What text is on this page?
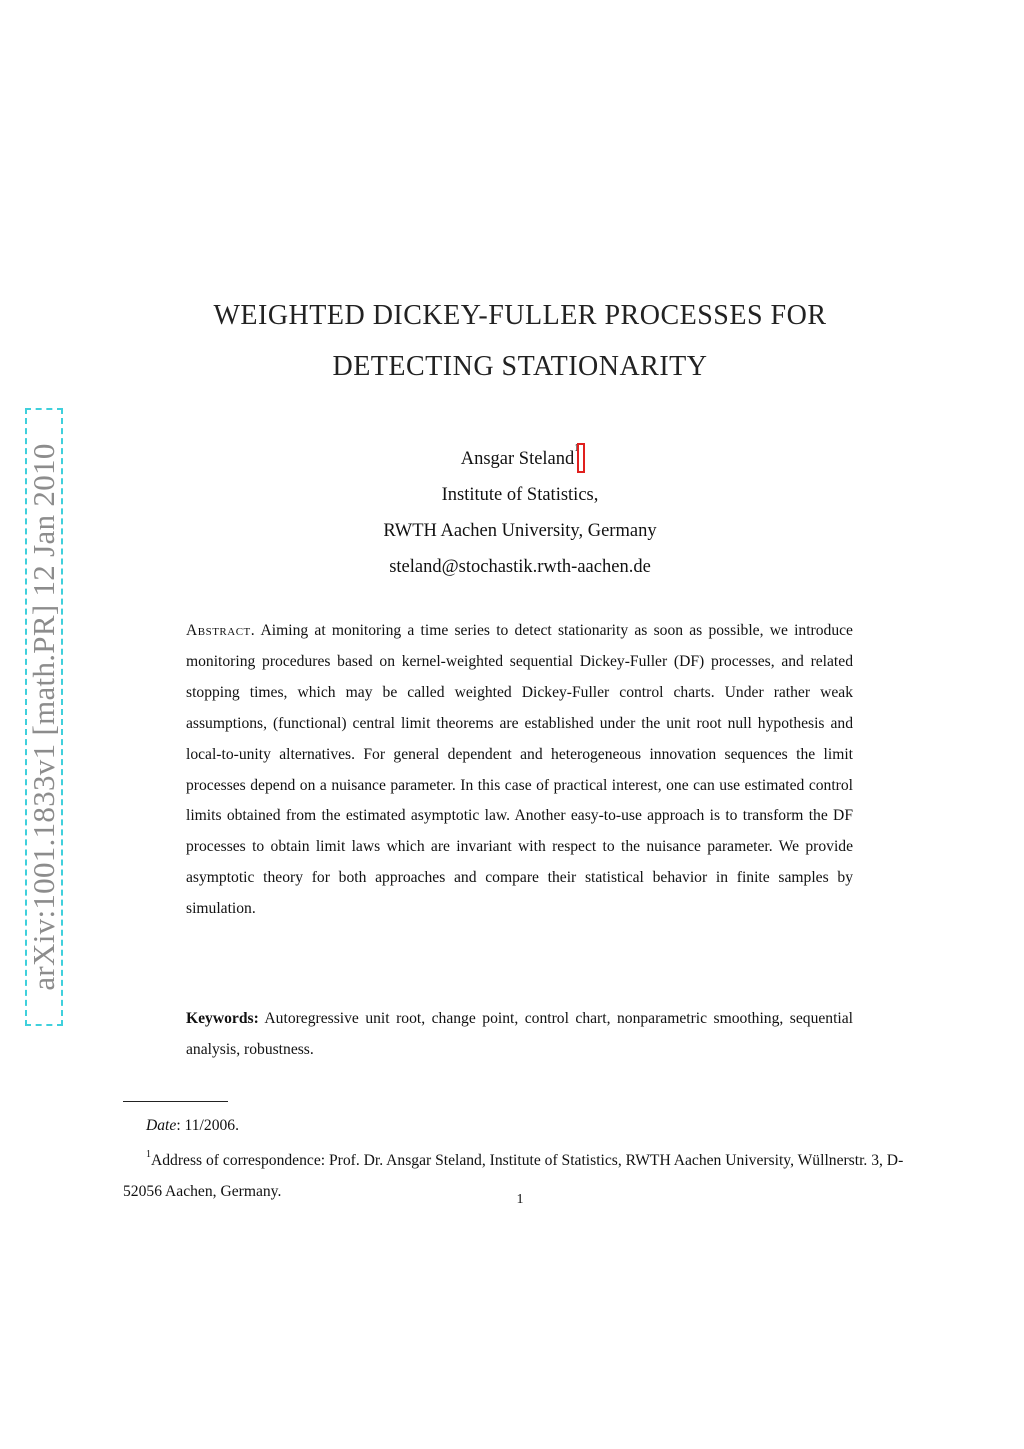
arXiv:1001.1833v1 [math.PR] 12 Jan 2010
WEIGHTED DICKEY-FULLER PROCESSES FOR
DETECTING STATIONARITY
Ansgar Steland$^1$
Institute of Statistics,
RWTH Aachen University, Germany
steland@stochastik.rwth-aachen.de
Abstract. Aiming at monitoring a time series to detect stationarity as soon as possible, we introduce monitoring procedures based on kernel-weighted sequential Dickey-Fuller (DF) processes, and related stopping times, which may be called weighted Dickey-Fuller control charts. Under rather weak assumptions, (functional) central limit theorems are established under the unit root null hypothesis and local-to-unity alternatives. For general dependent and heterogeneous innovation sequences the limit processes depend on a nuisance parameter. In this case of practical interest, one can use estimated control limits obtained from the estimated asymptotic law. Another easy-to-use approach is to transform the DF processes to obtain limit laws which are invariant with respect to the nuisance parameter. We provide asymptotic theory for both approaches and compare their statistical behavior in finite samples by simulation.
Keywords: Autoregressive unit root, change point, control chart, nonparametric smoothing, sequential analysis, robustness.
Date: 11/2006.
$^1$Address of correspondence: Prof. Dr. Ansgar Steland, Institute of Statistics, RWTH Aachen University, Wüllnerstr. 3, D-52056 Aachen, Germany.	1
